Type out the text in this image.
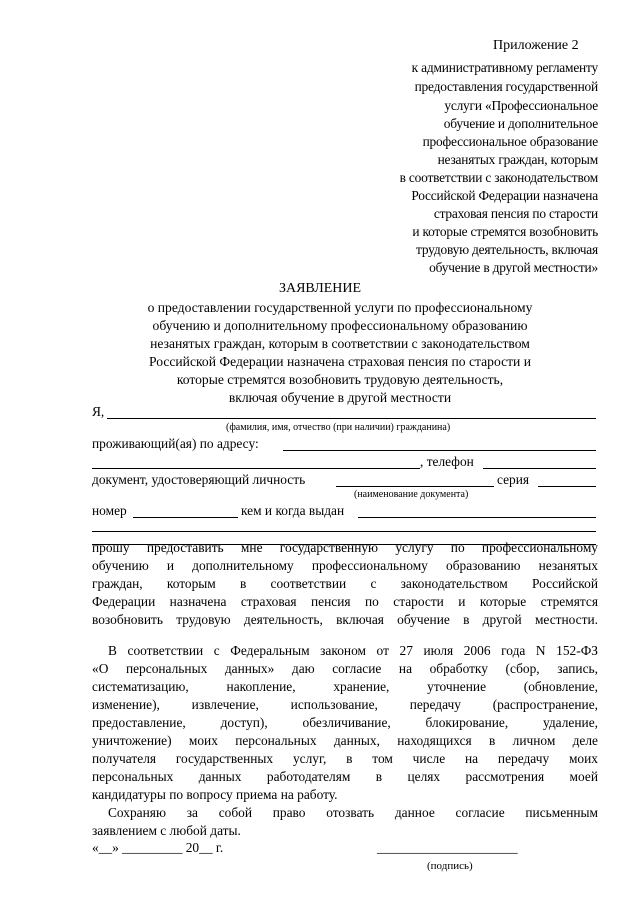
Приложение 2
к административному регламенту
предоставления государственной
услуги «Профессиональное
обучение и дополнительное
профессиональное образование
незанятых граждан, которым
в соответствии с законодательством
Российской Федерации назначена
страховая пенсия по старости
и которые стремятся возобновить
трудовую деятельность, включая
обучение в другой местности»
ЗАЯВЛЕНИЕ
о предоставлении государственной услуги по профессиональному
обучению и дополнительному профессиональному образованию
незанятых граждан, которым в соответствии с законодательством
Российской Федерации назначена страховая пенсия по старости и
которые стремятся возобновить трудовую деятельность,
включая обучение в другой местности
Я,
(фамилия, имя, отчество (при наличии) гражданина)
проживающий(ая) по адресу:
, телефон
документ, удостоверяющий личность	серия
(наименование документа)
номер	кем и когда выдан
прошу предоставить мне государственную услугу по профессиональному
обучению и дополнительному профессиональному образованию незанятых
граждан, которым в соответствии с законодательством Российской
Федерации назначена страховая пенсия по старости и которые стремятся
возобновить трудовую деятельность, включая обучение в другой местности.
В соответствии с Федеральным законом от 27 июля 2006 года N 152-ФЗ
«О персональных данных» даю согласие на обработку (сбор, запись,
систематизацию, накопление, хранение, уточнение (обновление,
изменение), извлечение, использование, передачу (распространение,
предоставление, доступ), обезличивание, блокирование, удаление,
уничтожение) моих персональных данных, находящихся в личном деле
получателя государственных услуг, в том числе на передачу моих
персональных данных работодателям в целях рассмотрения моей
кандидатуры по вопросу приема на работу.
Сохраняю за собой право отозвать данное согласие письменным
заявлением с любой даты.
«__» _________ 20__ г.	_____________________
(подпись)
